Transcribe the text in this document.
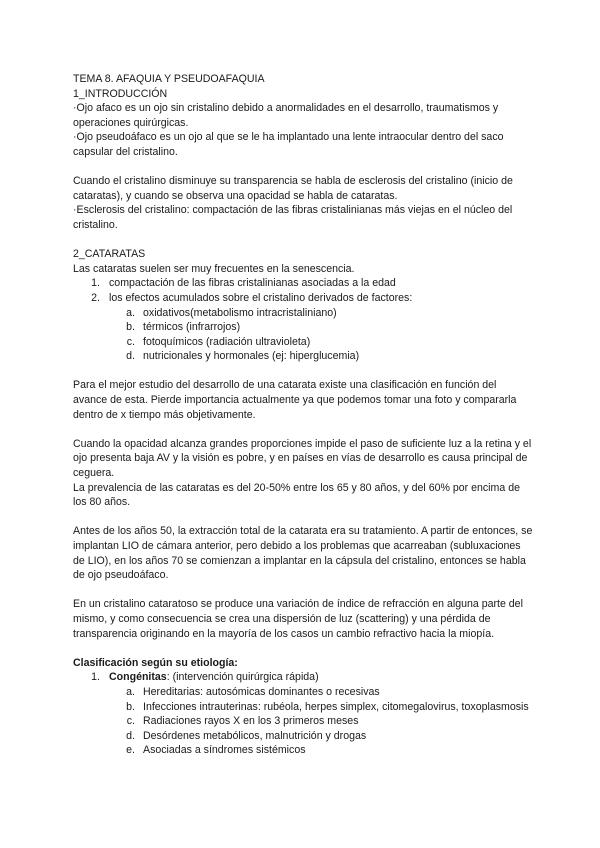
TEMA 8. AFAQUIA Y PSEUDOAFAQUIA

1_INTRODUCCIÓN

·Ojo afaco es un ojo sin cristalino debido a anormalidades en el desarrollo, traumatismos y operaciones quirúrgicas.

·Ojo pseudoáfaco es un ojo al que se le ha implantado una lente intraocular dentro del saco capsular del cristalino.

Cuando el cristalino disminuye su transparencia se habla de esclerosis del cristalino (inicio de cataratas), y cuando se observa una opacidad se habla de cataratas.

·Esclerosis del cristalino: compactación de las fibras cristalinianas más viejas en el núcleo del cristalino.

2_CATARATAS

Las cataratas suelen ser muy frecuentes en la senescencia.

1. compactación de las fibras cristalinianas asociadas a la edad
2. los efectos acumulados sobre el cristalino derivados de factores:
a. oxidativos(metabolismo intracristaliniano)
b. térmicos (infrarrojos)
c. fotoquímicos (radiación ultravioleta)
d. nutricionales y hormonales (ej: hiperglucemia)

Para el mejor estudio del desarrollo de una catarata existe una clasificación en función del avance de esta. Pierde importancia actualmente ya que podemos tomar una foto y compararla dentro de x tiempo más objetivamente.

Cuando la opacidad alcanza grandes proporciones impide el paso de suficiente luz a la retina y el ojo presenta baja AV y la visión es pobre, y en países en vías de desarrollo es causa principal de ceguera.

La prevalencia de las cataratas es del 20-50% entre los 65 y 80 años, y del 60% por encima de los 80 años.

Antes de los años 50, la extracción total de la catarata era su tratamiento. A partir de entonces, se implantan LIO de cámara anterior, pero debido a los problemas que acarreaban (subluxaciones de LIO), en los años 70 se comienzan a implantar en la cápsula del cristalino, entonces se habla de ojo pseudoáfaco.

En un cristalino cataratoso se produce una variación de índice de refracción en alguna parte del mismo, y como consecuencia se crea una dispersión de luz (scattering) y una pérdida de transparencia originando en la mayoría de los casos un cambio refractivo hacia la miopía.

Clasificación según su etiología:

1. Congénitas: (intervención quirúrgica rápida)
a. Hereditarias: autosómicas dominantes o recesivas
b. Infecciones intrauterinas: rubéola, herpes simplex, citomegalovirus, toxoplasmosis
c. Radiaciones rayos X en los 3 primeros meses
d. Desórdenes metabólicos, malnutrición y drogas
e. Asociadas a síndromes sistémicos
